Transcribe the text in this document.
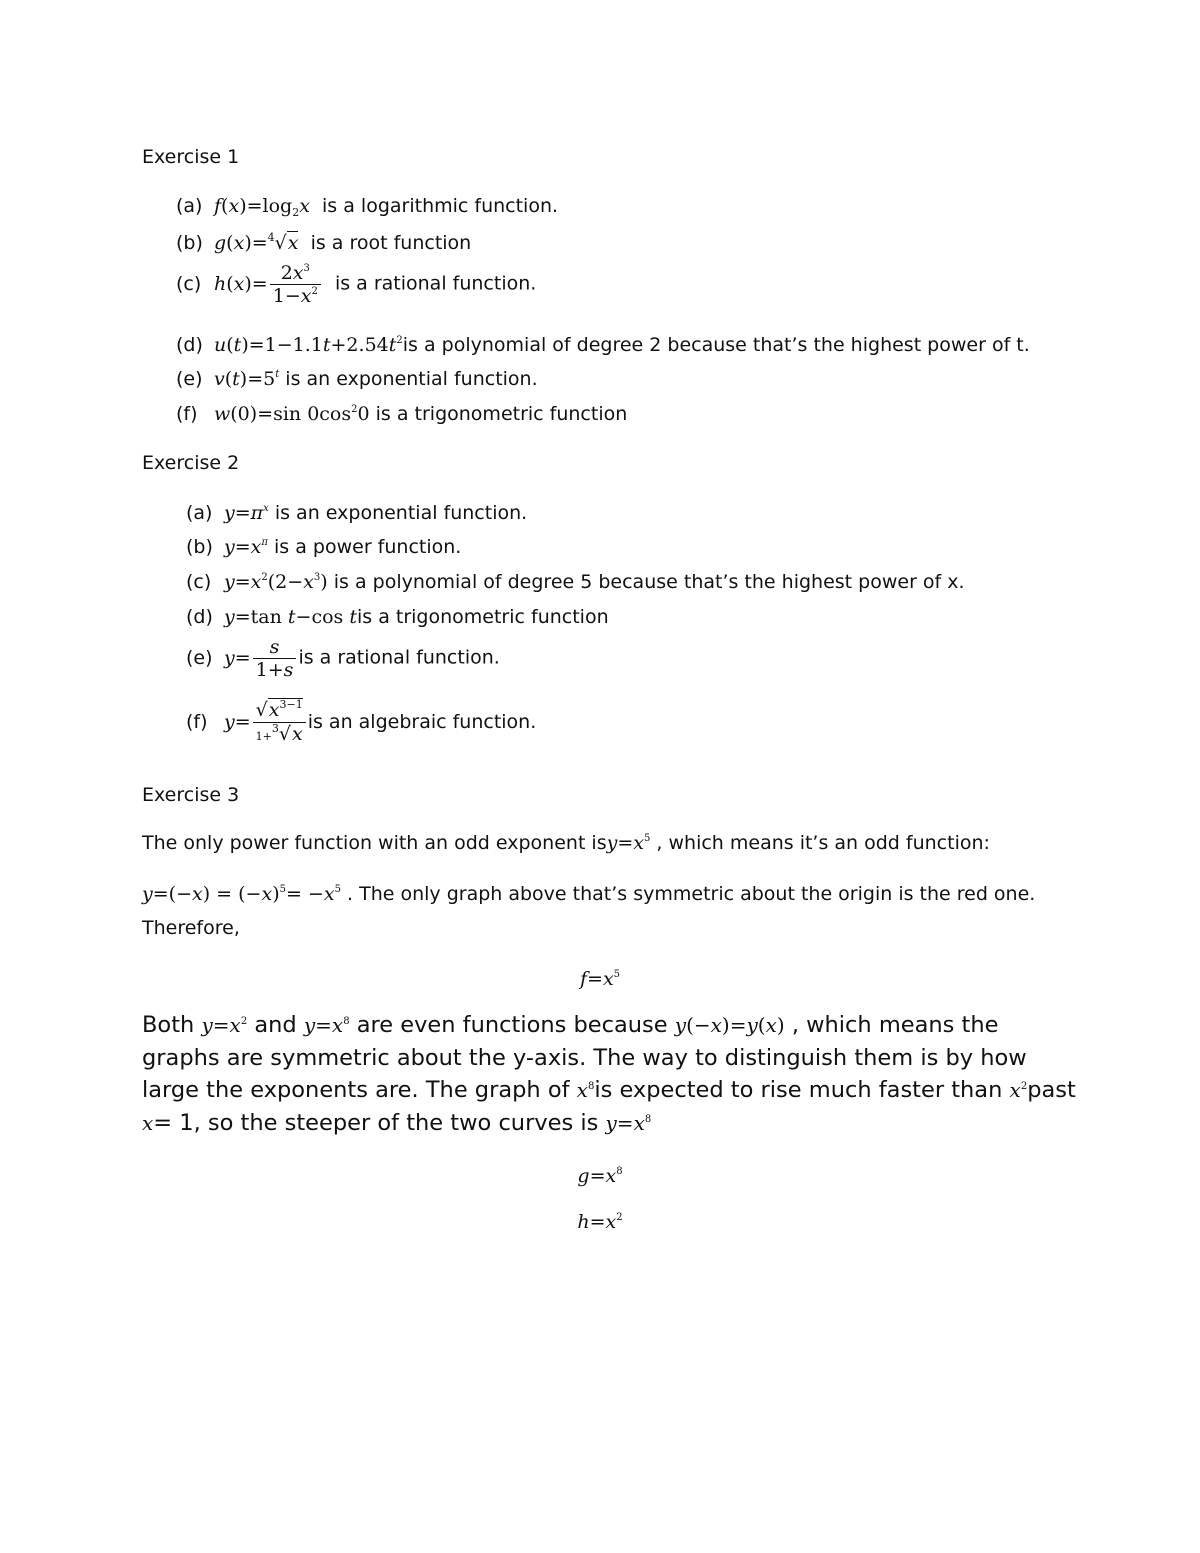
Exercise 1
(a) $f(x)=\log_2x$ is a logarithmic function.
(b) g(x)=$^4$√x is a root function
(c) $h(x)= \frac{2x^3}{1-x^2}$ is a rational function.
(d) $u(t)=1-1.1t+2.54t^2is$ a polynomial of degree 2 because that’s the highest power of t.
(e) $v(t)=5^t$ is an exponential function.
(f) w(0)=sin $0\cos^20$ is a trigonometric function
Exercise 2
(a) $y=\pi^x$ is an exponential function.
(b) $y=x^\pi$ is a power function.
(c) $y=x^2(2-x^3)$ is a polynomial of degree 5 because that’s the highest power of x.
(d) y=tan t−cos tis a trigonometric function
(e) $y= \frac{s}{1+s}$ is a rational function.
(f) $y= \frac{√x^{3-1}}{1+^3√x}$ is an algebraic function.
Exercise 3
The only power function with an odd exponent $isy=x^5$ , which means it’s an odd function:
$y=(-x) = (-x)^5= -x^5$ . The only graph above that’s symmetric about the origin is the red one.
Therefore,
$f=x^5$
Both $y=x^2$ and $y=x^8$ are even functions because y(−x)=y(x) , which means the graphs are symmetric about the y-axis. The way to distinguish them is by how large the exponents are. The graph of $x^8is$ expected to rise much faster than $x^2past$ x= 1, so the steeper of the two curves is $y=x^8$
$g=x^8$
$h=x^2$
